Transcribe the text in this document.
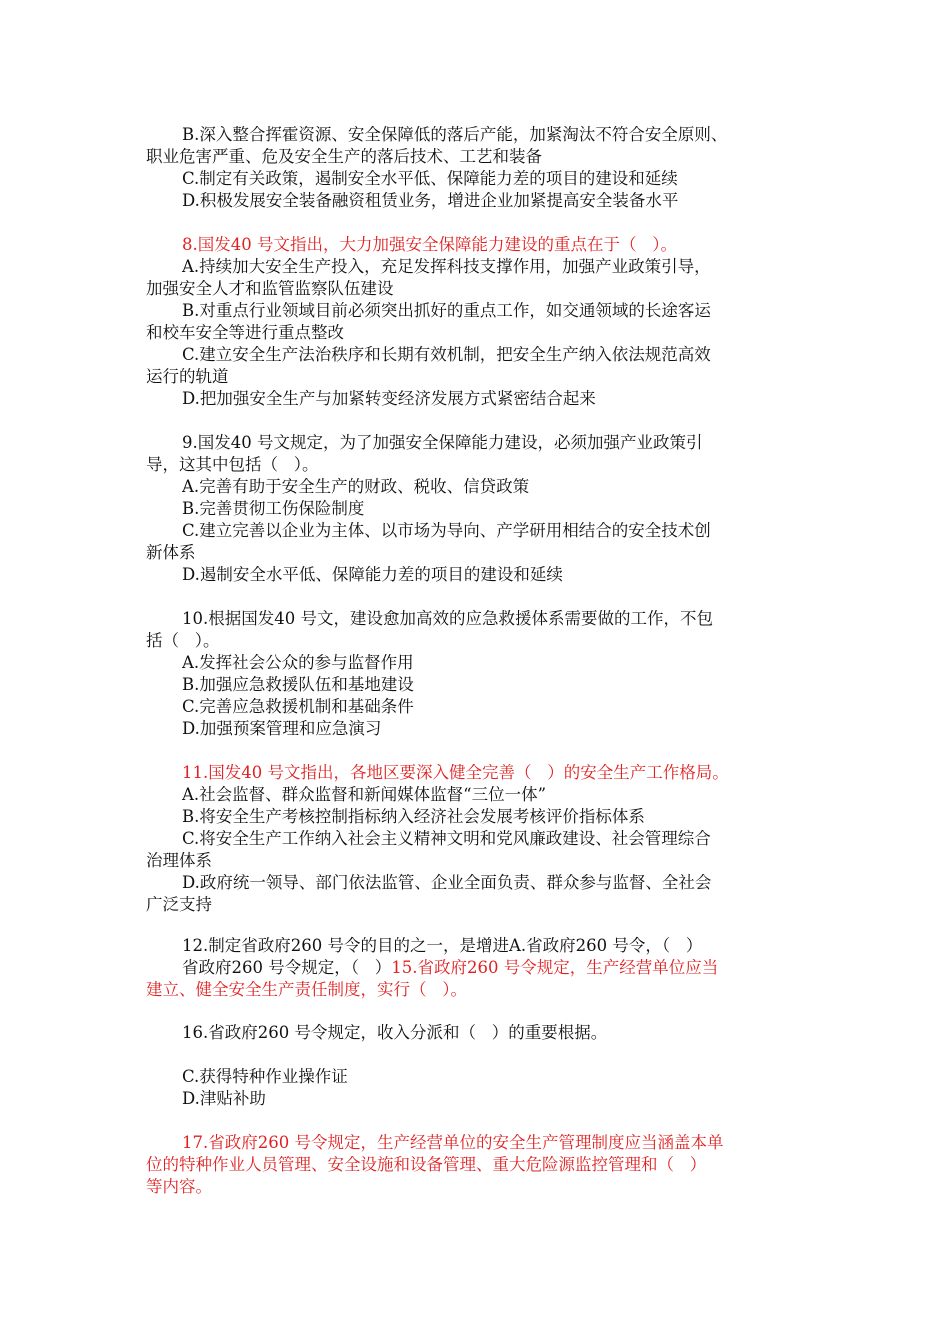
B.深入整合挥霍资源、安全保障低的落后产能，加紧淘汰不符合安全原则、
职业危害严重、危及安全生产的落后技术、工艺和装备
C.制定有关政策，遏制安全水平低、保障能力差的项目的建设和延续
D.积极发展安全装备融资租赁业务，增进企业加紧提高安全装备水平
8.国发40 号文指出，大力加强安全保障能力建设的重点在于（   ）。
A.持续加大安全生产投入，充足发挥科技支撑作用，加强产业政策引导，
加强安全人才和监管监察队伍建设
B.对重点行业领域目前必须突出抓好的重点工作，如交通领域的长途客运
和校车安全等进行重点整改
C.建立安全生产法治秩序和长期有效机制，把安全生产纳入依法规范高效
运行的轨道
D.把加强安全生产与加紧转变经济发展方式紧密结合起来
9.国发40 号文规定，为了加强安全保障能力建设，必须加强产业政策引
导，这其中包括（   ）。
A.完善有助于安全生产的财政、税收、信贷政策
B.完善贯彻工伤保险制度
C.建立完善以企业为主体、以市场为导向、产学研用相结合的安全技术创
新体系
D.遏制安全水平低、保障能力差的项目的建设和延续
10.根据国发40 号文，建设愈加高效的应急救援体系需要做的工作，不包
括（   ）。
A.发挥社会公众的参与监督作用
B.加强应急救援队伍和基地建设
C.完善应急救援机制和基础条件
D.加强预案管理和应急演习
11.国发40 号文指出，各地区要深入健全完善（   ）的安全生产工作格局。
A.社会监督、群众监督和新闻媒体监督“三位一体”
B.将安全生产考核控制指标纳入经济社会发展考核评价指标体系
C.将安全生产工作纳入社会主义精神文明和党风廉政建设、社会管理综合
治理体系
D.政府统一领导、部门依法监管、企业全面负责、群众参与监督、全社会
广泛支持
12.制定省政府260 号令的目的之一，是增进A.省政府260 号令，（   ）
省政府260 号令规定，（   ）15.省政府260 号令规定，生产经营单位应当
建立、健全安全生产责任制度，实行（   ）。
16.省政府260 号令规定，收入分派和（   ）的重要根据。
C.获得特种作业操作证
D.津贴补助
17.省政府260 号令规定，生产经营单位的安全生产管理制度应当涵盖本单
位的特种作业人员管理、安全设施和设备管理、重大危险源监控管理和（   ）
等内容。
